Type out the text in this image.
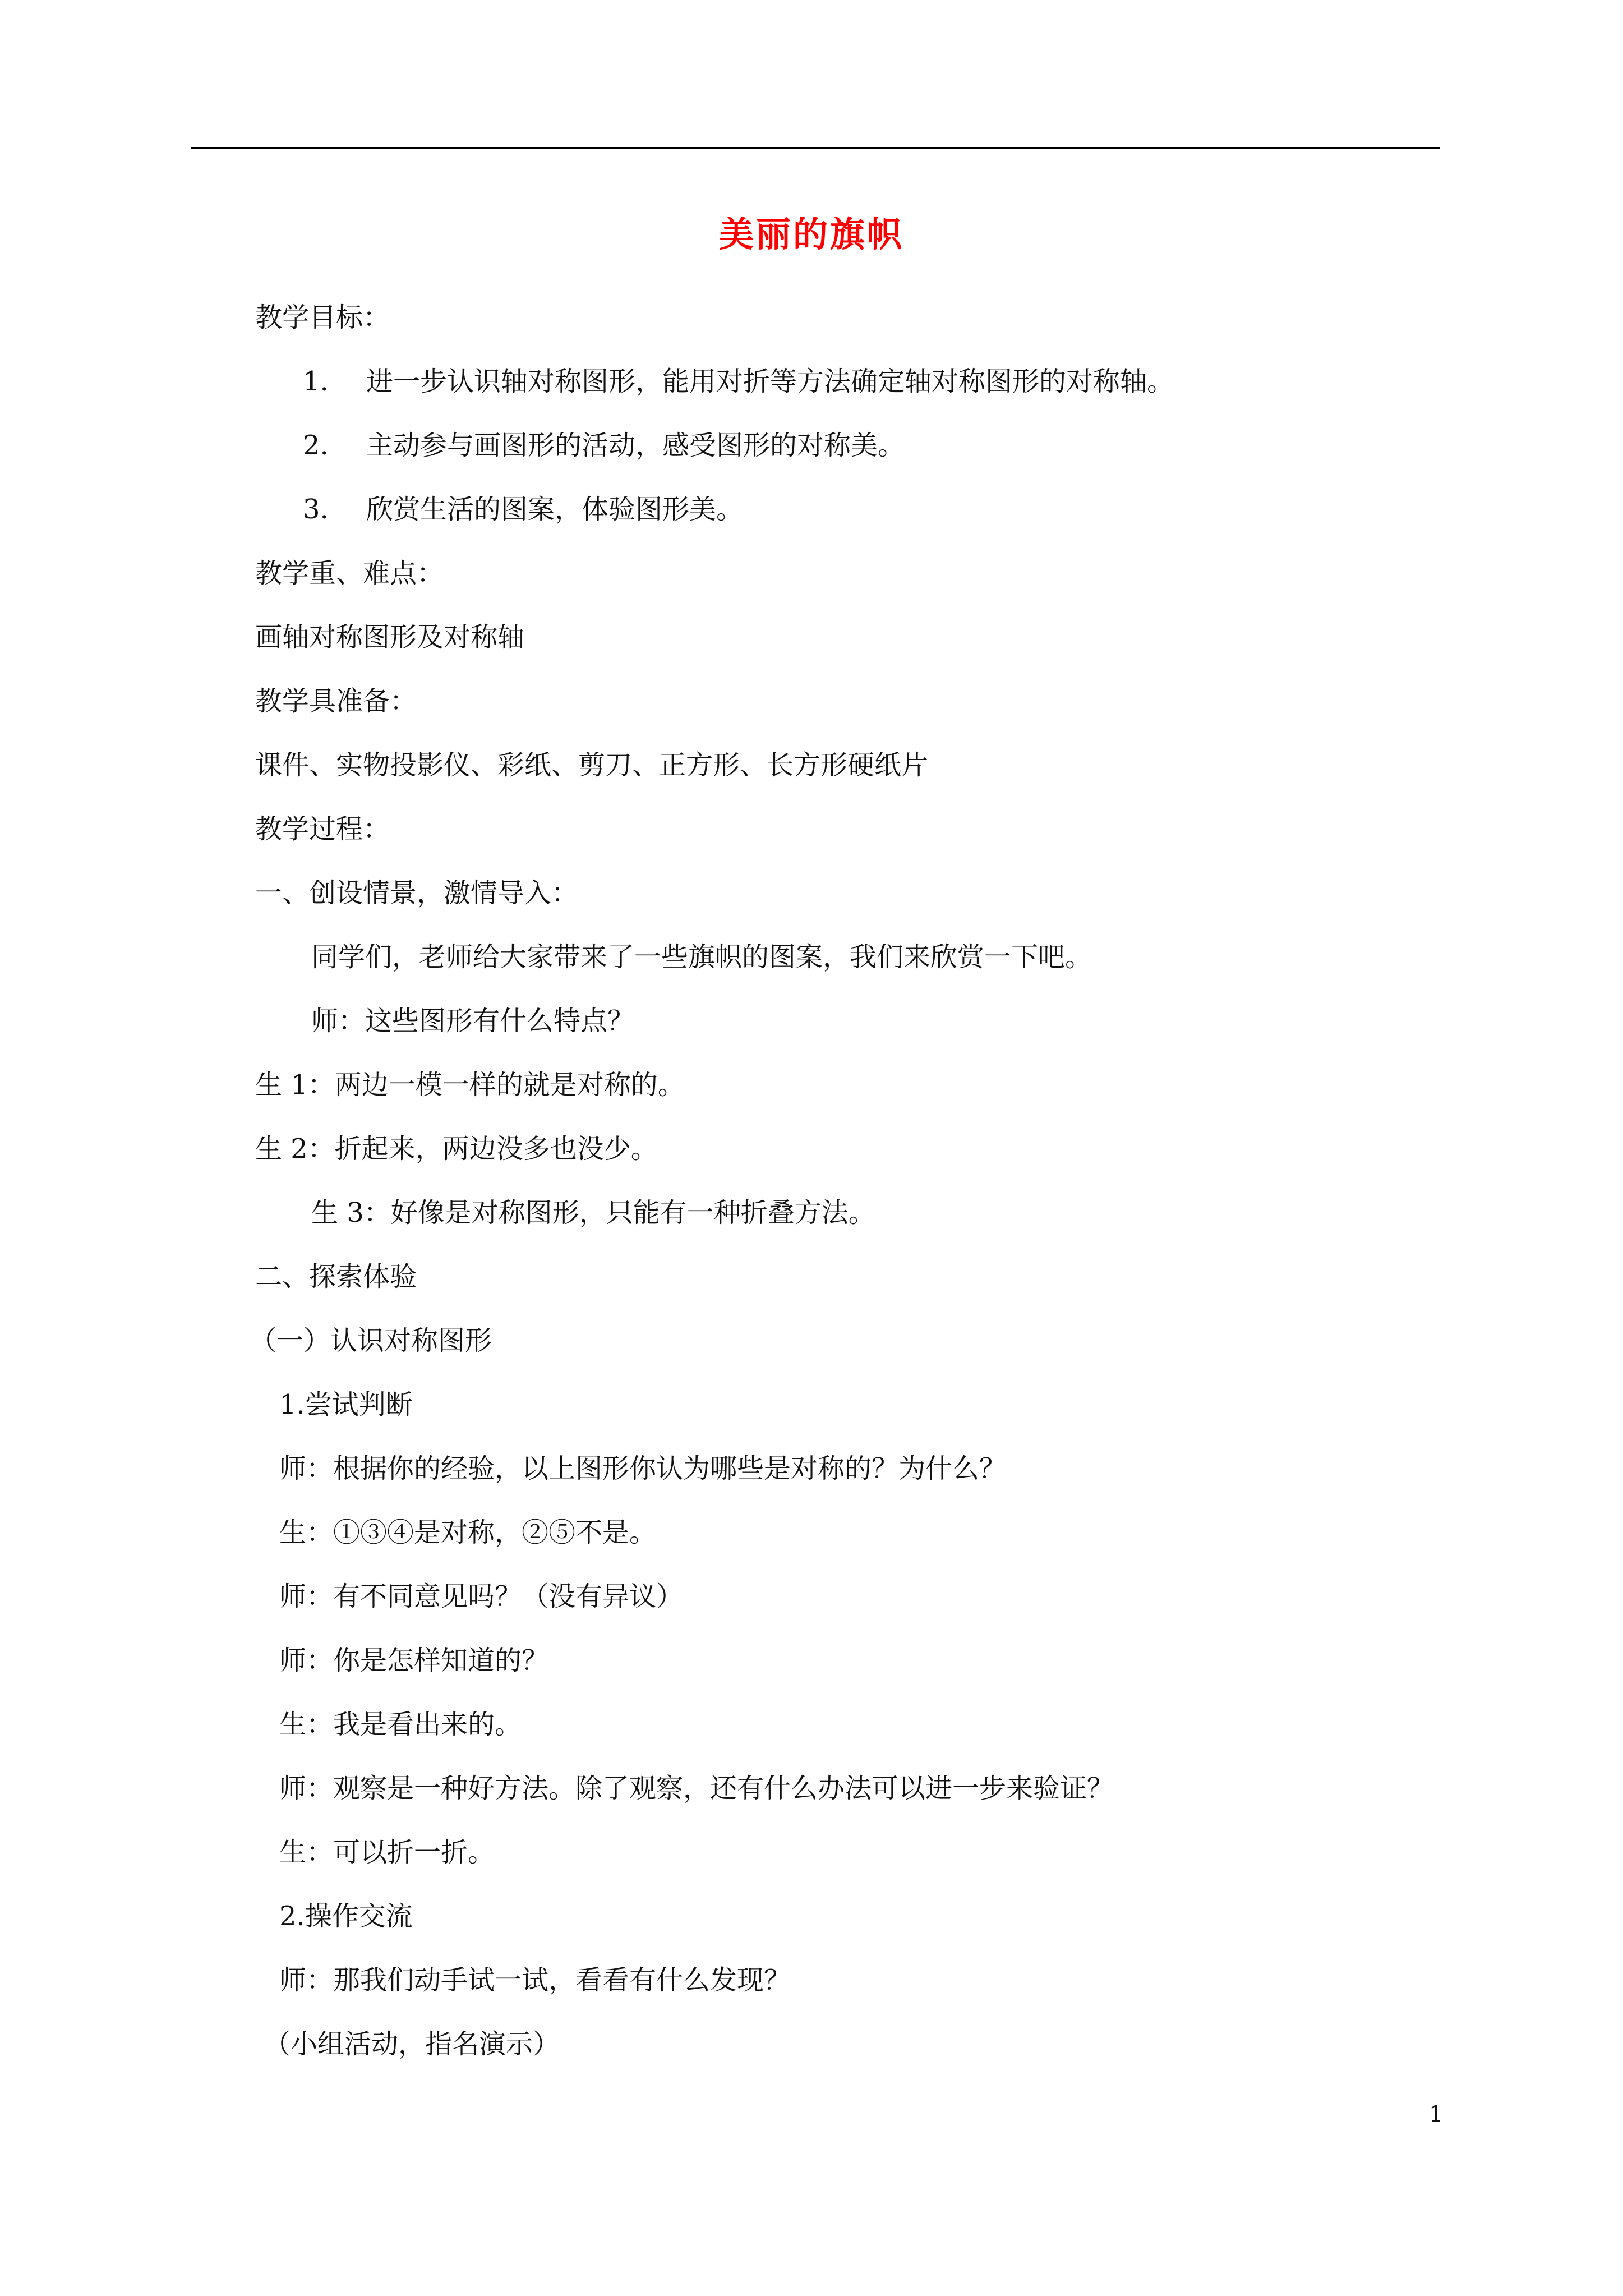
美丽的旗帜
教学目标：
1. 进一步认识轴对称图形，能用对折等方法确定轴对称图形的对称轴。
2. 主动参与画图形的活动，感受图形的对称美。
3. 欣赏生活的图案，体验图形美。
教学重、难点：
画轴对称图形及对称轴
教学具准备：
课件、实物投影仪、彩纸、剪刀、正方形、长方形硬纸片
教学过程：
一、创设情景，激情导入：
同学们，老师给大家带来了一些旗帜的图案，我们来欣赏一下吧。
师：这些图形有什么特点？
生 1：两边一模一样的就是对称的。
生 2：折起来，两边没多也没少。
生 3：好像是对称图形，只能有一种折叠方法。
二、探索体验
（一）认识对称图形
1.尝试判断
师：根据你的经验，以上图形你认为哪些是对称的？为什么？
生：①③④是对称，②⑤不是。
师：有不同意见吗？（没有异议）
师：你是怎样知道的？
生：我是看出来的。
师：观察是一种好方法。除了观察，还有什么办法可以进一步来验证？
生：可以折一折。
2.操作交流
师：那我们动手试一试，看看有什么发现？
（小组活动，指名演示）
1
